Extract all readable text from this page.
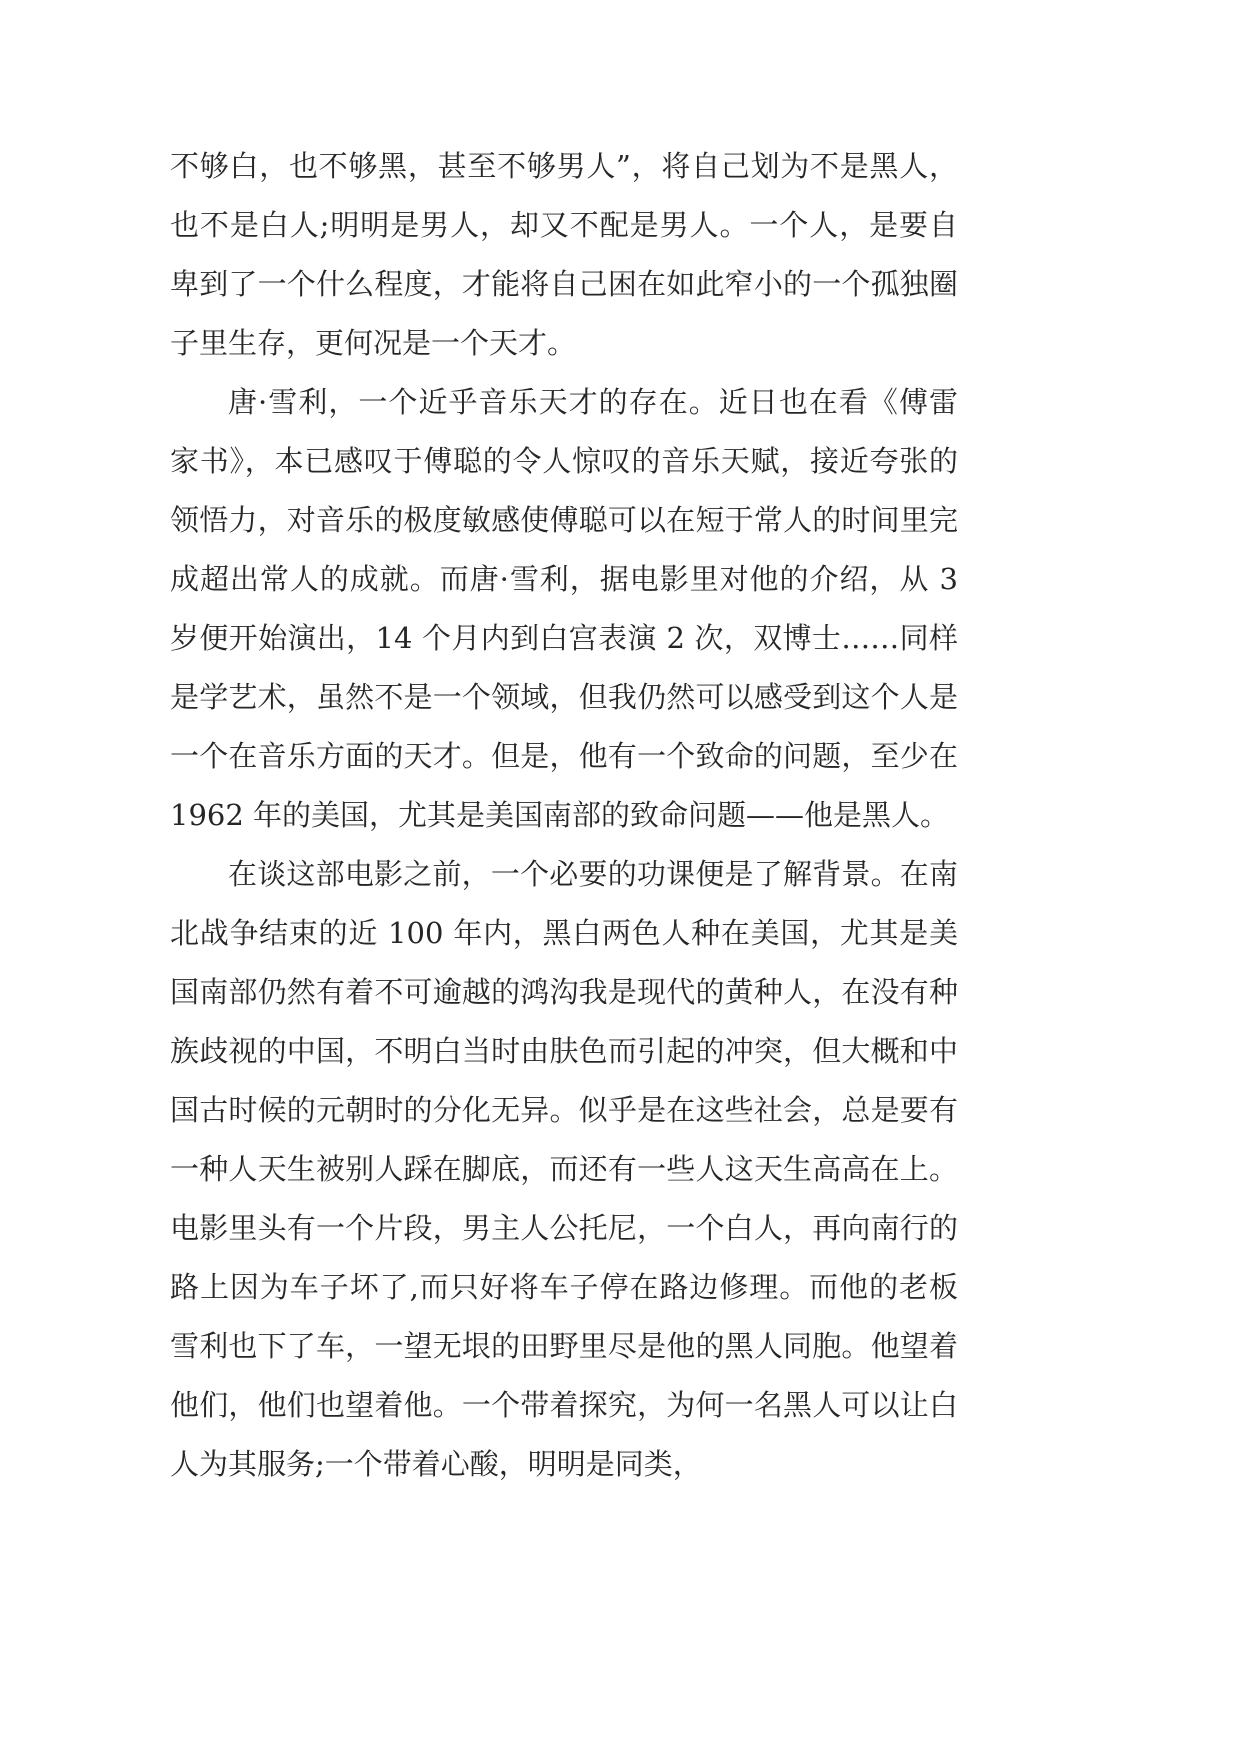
不够白，也不够黑，甚至不够男人”，将自己划为不是黑人，也不是白人;明明是男人，却又不配是男人。一个人，是要自卑到了一个什么程度，才能将自己困在如此窄小的一个孤独圈子里生存，更何况是一个天才。

唐·雪利，一个近乎音乐天才的存在。近日也在看《傅雷家书》，本已感叹于傅聪的令人惊叹的音乐天赋，接近夸张的领悟力，对音乐的极度敏感使傅聪可以在短于常人的时间里完成超出常人的成就。而唐·雪利，据电影里对他的介绍，从 3 岁便开始演出，14 个月内到白宫表演 2 次，双博士……同样是学艺术，虽然不是一个领域，但我仍然可以感受到这个人是一个在音乐方面的天才。但是，他有一个致命的问题，至少在 1962 年的美国，尤其是美国南部的致命问题——他是黑人。

在谈这部电影之前，一个必要的功课便是了解背景。在南北战争结束的近 100 年内，黑白两色人种在美国，尤其是美国南部仍然有着不可逾越的鸿沟我是现代的黄种人，在没有种族歧视的中国，不明白当时由肤色而引起的冲突，但大概和中国古时候的元朝时的分化无异。似乎是在这些社会，总是要有一种人天生被别人踩在脚底，而还有一些人这天生高高在上。电影里头有一个片段，男主人公托尼，一个白人，再向南行的路上因为车子坏了,而只好将车子停在路边修理。而他的老板雪利也下了车，一望无垠的田野里尽是他的黑人同胞。他望着他们，他们也望着他。一个带着探究，为何一名黑人可以让白人为其服务;一个带着心酸，明明是同类，
